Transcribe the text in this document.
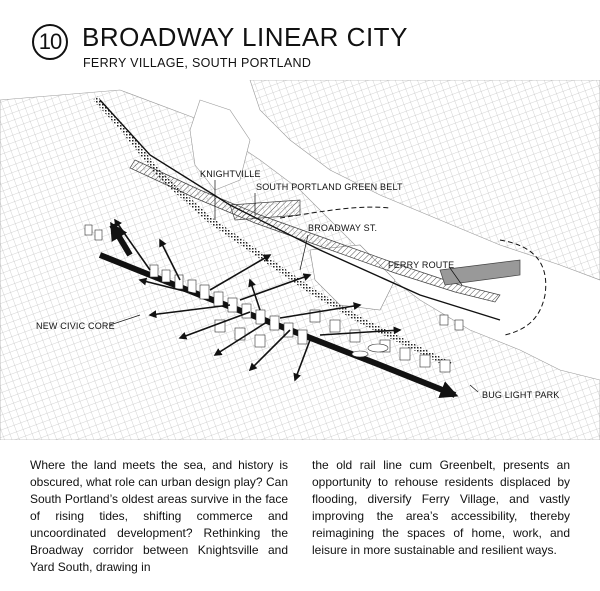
10 BROADWAY LINEAR CITY
FERRY VILLAGE, SOUTH PORTLAND
KNIGHTVILLE
SOUTH PORTLAND GREEN BELT
BROADWAY ST.
FERRY ROUTE
NEW CIVIC CORE
BUG LIGHT PARK

Where the land meets the sea, and history is obscured, what role can urban design play? Can South Portland’s oldest areas survive in the face of rising tides, shifting commerce and uncoordinated development? Rethinking the Broadway corridor between Knightsville and Yard South, drawing in

the old rail line cum Greenbelt, presents an opportunity to rehouse residents displaced by flooding, diversify Ferry Village, and vastly improving the area’s accessibility, thereby reimagining the spaces of home, work, and leisure in more sustainable and resilient ways.
